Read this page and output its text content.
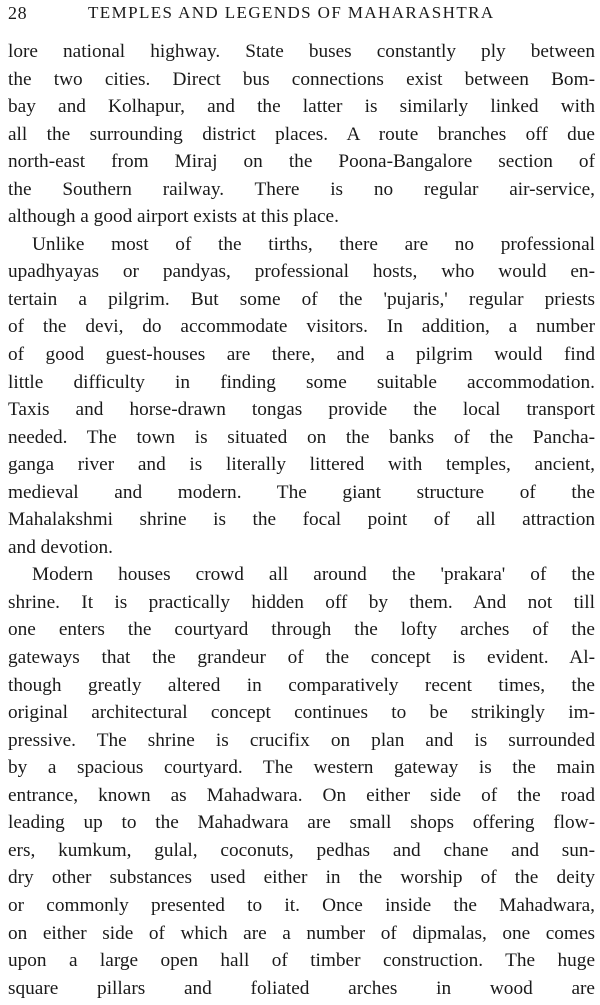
28	TEMPLES AND LEGENDS OF MAHARASHTRA
lore national highway. State buses constantly ply between
the two cities. Direct bus connections exist between Bom-
bay and Kolhapur, and the latter is similarly linked with
all the surrounding district places. A route branches off due
north-east from Miraj on the Poona-Bangalore section of
the Southern railway. There is no regular air-service,
although a good airport exists at this place.
Unlike most of the tirths, there are no professional
upadhyayas or pandyas, professional hosts, who would en-
tertain a pilgrim. But some of the 'pujaris,' regular priests
of the devi, do accommodate visitors. In addition, a number
of good guest-houses are there, and a pilgrim would find
little difficulty in finding some suitable accommodation.
Taxis and horse-drawn tongas provide the local transport
needed. The town is situated on the banks of the Pancha-
ganga river and is literally littered with temples, ancient,
medieval and modern. The giant structure of the
Mahalakshmi shrine is the focal point of all attraction
and devotion.
Modern houses crowd all around the 'prakara' of the
shrine. It is practically hidden off by them. And not till
one enters the courtyard through the lofty arches of the
gateways that the grandeur of the concept is evident. Al-
though greatly altered in comparatively recent times, the
original architectural concept continues to be strikingly im-
pressive. The shrine is crucifix on plan and is surrounded
by a spacious courtyard. The western gateway is the main
entrance, known as Mahadwara. On either side of the road
leading up to the Mahadwara are small shops offering flow-
ers, kumkum, gulal, coconuts, pedhas and chane and sun-
dry other substances used either in the worship of the deity
or commonly presented to it. Once inside the Mahadwara,
on either side of which are a number of dipmalas, one comes
upon a large open hall of timber construction. The huge
square pillars and foliated arches in wood are
